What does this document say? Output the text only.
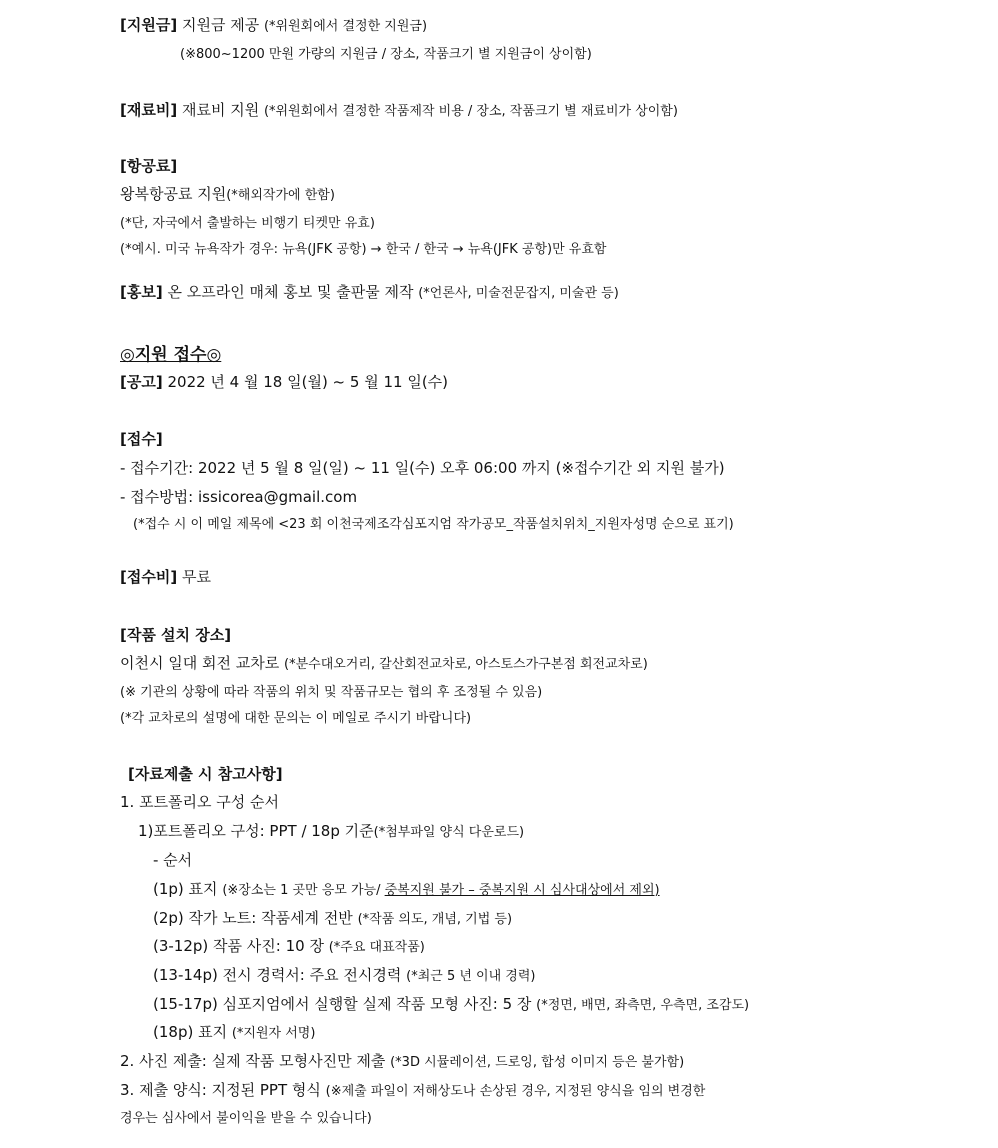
[지원금] 지원금 제공 (*위원회에서 결정한 지원금)
(※800~1200 만원 가량의 지원금 / 장소, 작품크기 별 지원금이 상이함)
[재료비] 재료비 지원 (*위원회에서 결정한 작품제작 비용 / 장소, 작품크기 별 재료비가 상이함)
[항공료]
왕복항공료 지원(*해외작가에 한함)
(*단, 자국에서 출발하는 비행기 티켓만 유효)
(*예시. 미국 뉴욕작가 경우: 뉴욕(JFK 공항) → 한국 / 한국 → 뉴욕(JFK 공항)만 유효함
[홍보] 온 오프라인 매체 홍보 및 출판물 제작 (*언론사, 미술전문잡지, 미술관 등)
◎지원 접수◎
[공고] 2022 년 4 월 18 일(월) ~ 5 월 11 일(수)
[접수]
- 접수기간: 2022 년 5 월 8 일(일) ~ 11 일(수) 오후 06:00 까지 (※접수기간 외 지원 불가)
- 접수방법: issicorea@gmail.com
(*접수 시 이 메일 제목에 <23 회 이천국제조각심포지엄 작가공모_작품설치위치_지원자성명 순으로 표기)
[접수비] 무료
[작품 설치 장소]
이천시 일대 회전 교차로 (*분수대오거리, 갈산회전교차로, 아스토스가구본점 회전교차로)
(※ 기관의 상황에 따라 작품의 위치 및 작품규모는 협의 후 조정될 수 있음)
(*각 교차로의 설명에 대한 문의는 이 메일로 주시기 바랍니다)
[자료제출 시 참고사항]
1. 포트폴리오 구성 순서
1)포트폴리오 구성: PPT / 18p 기준(*첨부파일 양식 다운로드)
- 순서
(1p) 표지 (※장소는 1 곳만 응모 가능/ 중복지원 불가 – 중복지원 시 심사대상에서 제외)
(2p) 작가 노트: 작품세계 전반 (*작품 의도, 개념, 기법 등)
(3-12p) 작품 사진: 10 장 (*주요 대표작품)
(13-14p) 전시 경력서: 주요 전시경력 (*최근 5 년 이내 경력)
(15-17p) 심포지엄에서 실행할 실제 작품 모형 사진: 5 장 (*정면, 배면, 좌측면, 우측면, 조감도)
(18p) 표지 (*지원자 서명)
2. 사진 제출: 실제 작품 모형사진만 제출 (*3D 시뮬레이션, 드로잉, 합성 이미지 등은 불가함)
3. 제출 양식: 지정된 PPT 형식 (※제출 파일이 저해상도나 손상된 경우, 지정된 양식을 임의 변경한
경우는 심사에서 불이익을 받을 수 있습니다)
